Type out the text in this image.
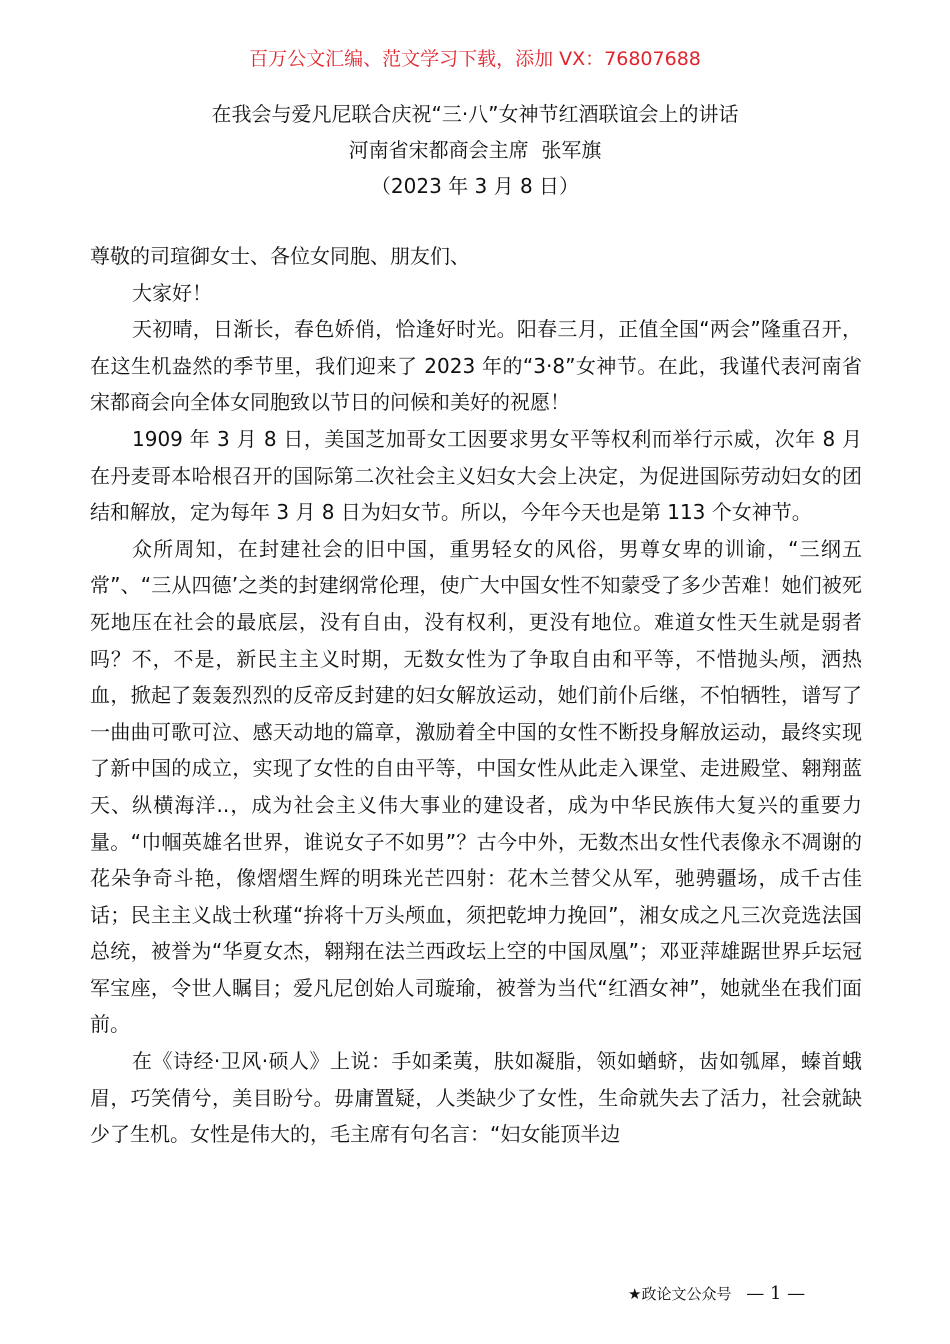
百万公文汇编、范文学习下载，添加 VX：76807688
在我会与爱凡尼联合庆祝“三·八”女神节红酒联谊会上的讲话
河南省宋都商会主席  张军旗
（2023 年 3 月 8 日）

尊敬的司瑄御女士、各位女同胞、朋友们、

大家好！

天初晴，日渐长，春色娇俏，恰逢好时光。阳春三月，正值全国“两会”隆重召开，在这生机盎然的季节里，我们迎来了 2023 年的“3·8”女神节。在此，我谨代表河南省宋都商会向全体女同胞致以节日的问候和美好的祝愿！

1909 年 3 月 8 日，美国芝加哥女工因要求男女平等权利而举行示威，次年 8 月在丹麦哥本哈根召开的国际第二次社会主义妇女大会上决定，为促进国际劳动妇女的团结和解放，定为每年 3 月 8 日为妇女节。所以，今年今天也是第 113 个女神节。

众所周知，在封建社会的旧中国，重男轻女的风俗，男尊女卑的训谕，“三纲五常”、“三从四德’之类的封建纲常伦理，使广大中国女性不知蒙受了多少苦难！她们被死死地压在社会的最底层，没有自由，没有权利，更没有地位。难道女性天生就是弱者吗？不，不是，新民主主义时期，无数女性为了争取自由和平等，不惜抛头颅，洒热血，掀起了轰轰烈烈的反帝反封建的妇女解放运动，她们前仆后继，不怕牺牲，谱写了一曲曲可歌可泣、感天动地的篇章，激励着全中国的女性不断投身解放运动，最终实现了新中国的成立，实现了女性的自由平等，中国女性从此走入课堂、走进殿堂、翱翔蓝天、纵横海洋..，成为社会主义伟大事业的建设者，成为中华民族伟大复兴的重要力量。“巾帼英雄名世界，谁说女子不如男”？古今中外，无数杰出女性代表像永不凋谢的花朵争奇斗艳，像熠熠生辉的明珠光芒四射：花木兰替父从军，驰骋疆场，成千古佳话；民主主义战士秋瑾“拚将十万头颅血，须把乾坤力挽回”，湘女成之凡三次竞选法国总统，被誉为“华夏女杰，翱翔在法兰西政坛上空的中国凤凰”；邓亚萍雄踞世界乒坛冠军宝座，令世人瞩目；爱凡尼创始人司璇瑜，被誉为当代“红酒女神”，她就坐在我们面前。

在《诗经·卫风·硕人》上说：手如柔荑，肤如凝脂，领如蝤蛴，齿如瓠犀，螓首蛾眉，巧笑倩兮，美目盼兮。毋庸置疑，人类缺少了女性，生命就失去了活力，社会就缺少了生机。女性是伟大的，毛主席有句名言：“妇女能顶半边

★政论文公众号 — 1 —
